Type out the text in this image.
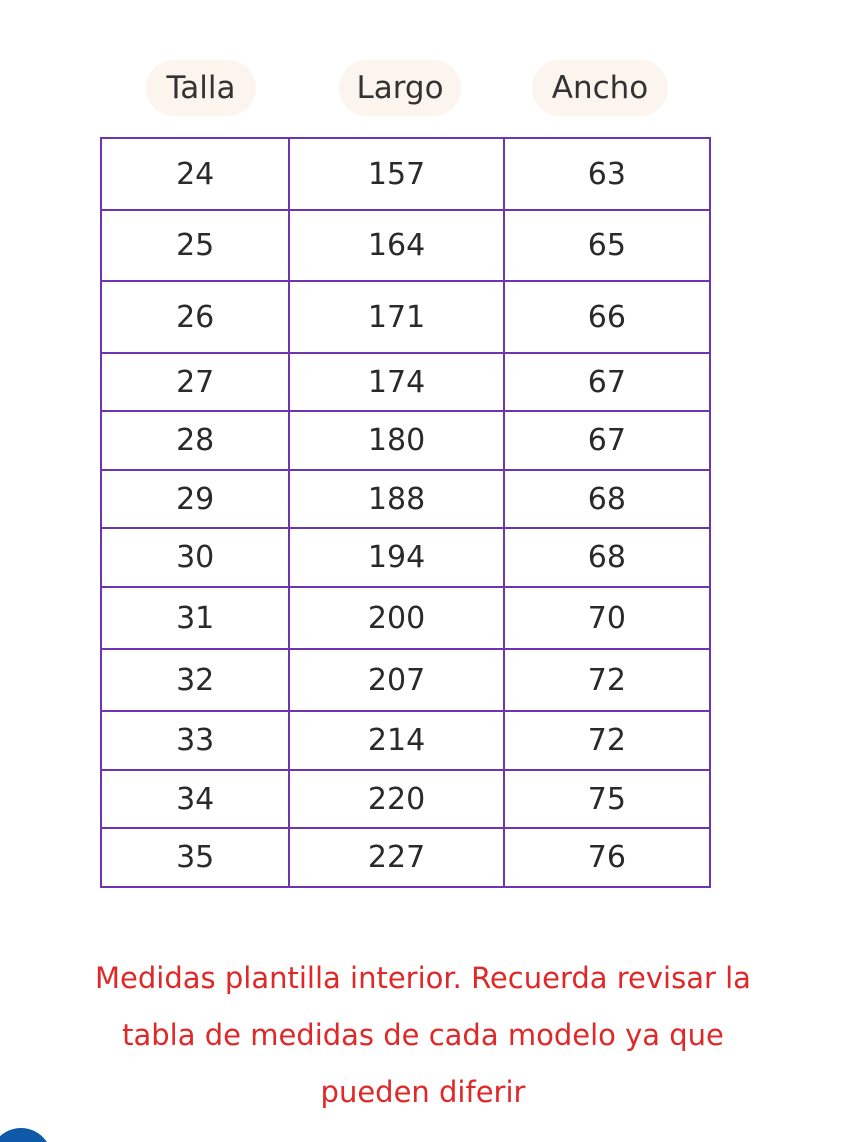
Talla	Largo	Ancho
24	157	63
25	164	65
26	171	66
27	174	67
28	180	67
29	188	68
30	194	68
31	200	70
32	207	72
33	214	72
34	220	75
35	227	76
Medidas plantilla interior. Recuerda revisar la
tabla de medidas de cada modelo ya que
pueden diferir
